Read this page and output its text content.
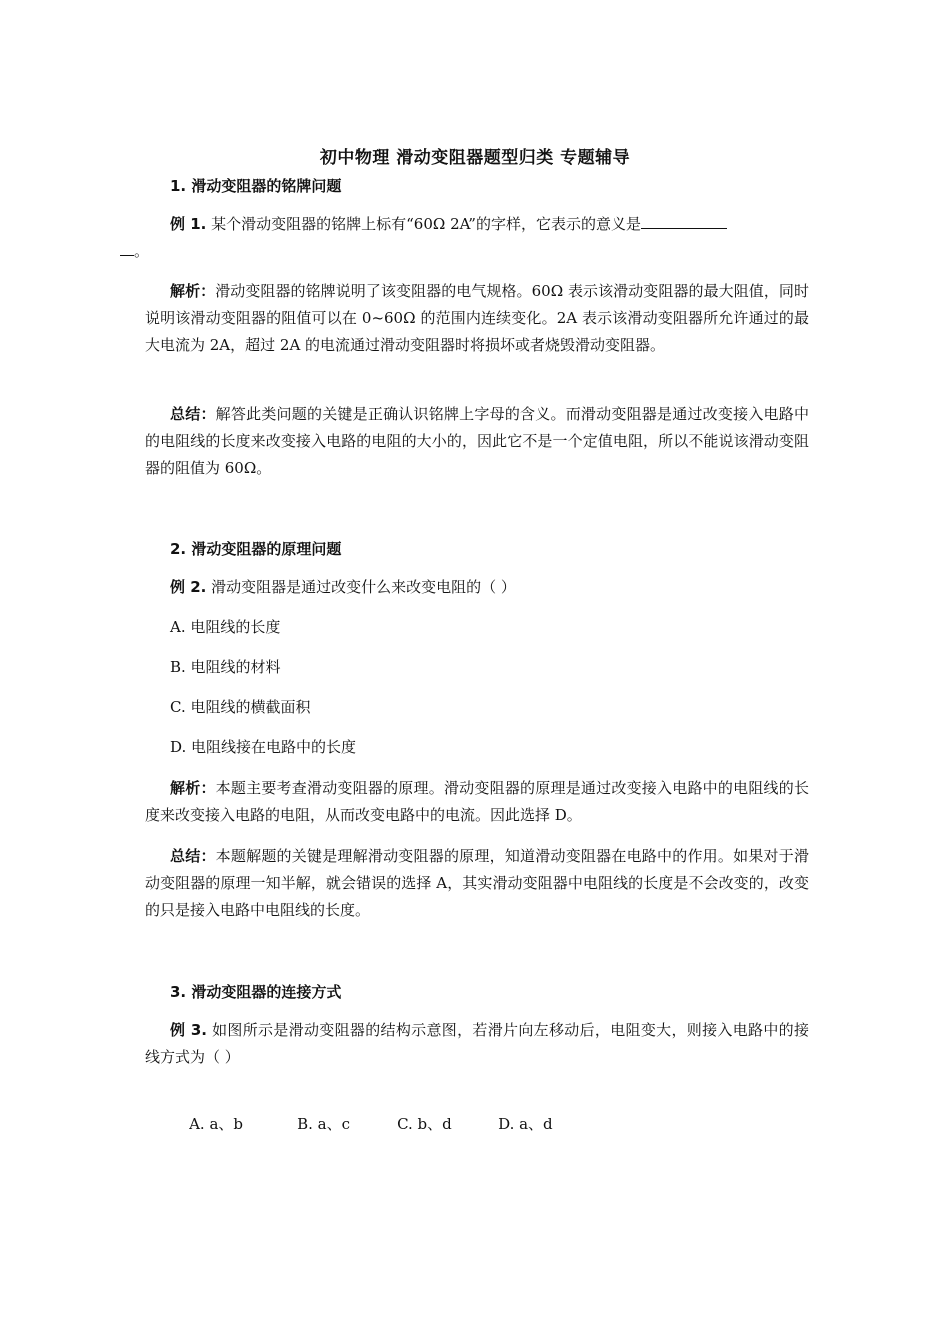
初中物理 滑动变阻器题型归类 专题辅导
1. 滑动变阻器的铭牌问题

例 1. 某个滑动变阻器的铭牌上标有“60Ω 2A”的字样，它表示的意义是
。

解析：滑动变阻器的铭牌说明了该变阻器的电气规格。60Ω 表示该滑动变阻器的最大阻值，同时说明该滑动变阻器的阻值可以在 0~60Ω 的范围内连续变化。2A 表示该滑动变阻器所允许通过的最大电流为 2A，超过 2A 的电流通过滑动变阻器时将损坏或者烧毁滑动变阻器。

总结：解答此类问题的关键是正确认识铭牌上字母的含义。而滑动变阻器是通过改变接入电路中的电阻线的长度来改变接入电路的电阻的大小的，因此它不是一个定值电阻，所以不能说该滑动变阻器的阻值为 60Ω。

2. 滑动变阻器的原理问题

例 2. 滑动变阻器是通过改变什么来改变电阻的（ ）

A. 电阻线的长度
B. 电阻线的材料
C. 电阻线的横截面积
D. 电阻线接在电路中的长度

解析：本题主要考查滑动变阻器的原理。滑动变阻器的原理是通过改变接入电路中的电阻线的长度来改变接入电路的电阻，从而改变电路中的电流。因此选择 D。

总结：本题解题的关键是理解滑动变阻器的原理，知道滑动变阻器在电路中的作用。如果对于滑动变阻器的原理一知半解，就会错误的选择 A，其实滑动变阻器中电阻线的长度是不会改变的，改变的只是接入电路中电阻线的长度。

3. 滑动变阻器的连接方式

例 3. 如图所示是滑动变阻器的结构示意图，若滑片向左移动后，电阻变大，则接入电路中的接线方式为（ ）

A. a、b	B. a、c	C. b、d	D. a、d
